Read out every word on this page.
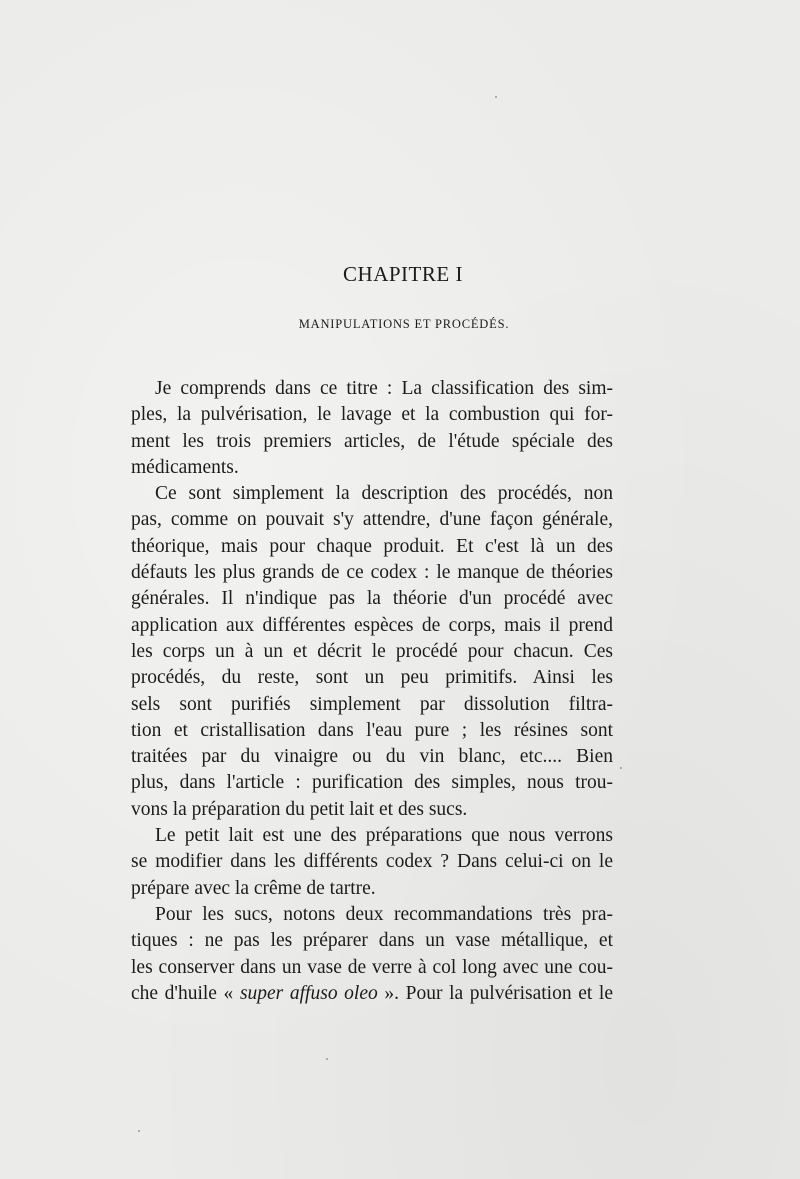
CHAPITRE I
MANIPULATIONS ET PROCÉDÉS.
Je comprends dans ce titre : La classification des sim-
ples, la pulvérisation, le lavage et la combustion qui for-
ment les trois premiers articles, de l'étude spéciale des
médicaments.
Ce sont simplement la description des procédés, non
pas, comme on pouvait s'y attendre, d'une façon générale,
théorique, mais pour chaque produit. Et c'est là un des
défauts les plus grands de ce codex : le manque de théories
générales. Il n'indique pas la théorie d'un procédé avec
application aux différentes espèces de corps, mais il prend
les corps un à un et décrit le procédé pour chacun. Ces
procédés, du reste, sont un peu primitifs. Ainsi les
sels sont purifiés simplement par dissolution filtra-
tion et cristallisation dans l'eau pure ; les résines sont
traitées par du vinaigre ou du vin blanc, etc.... Bien
plus, dans l'article : purification des simples, nous trou-
vons la préparation du petit lait et des sucs.
Le petit lait est une des préparations que nous verrons
se modifier dans les différents codex ? Dans celui-ci on le
prépare avec la crême de tartre.
Pour les sucs, notons deux recommandations très pra-
tiques : ne pas les préparer dans un vase métallique, et
les conserver dans un vase de verre à col long avec une cou-
che d'huile « super affuso oleo ». Pour la pulvérisation et le
